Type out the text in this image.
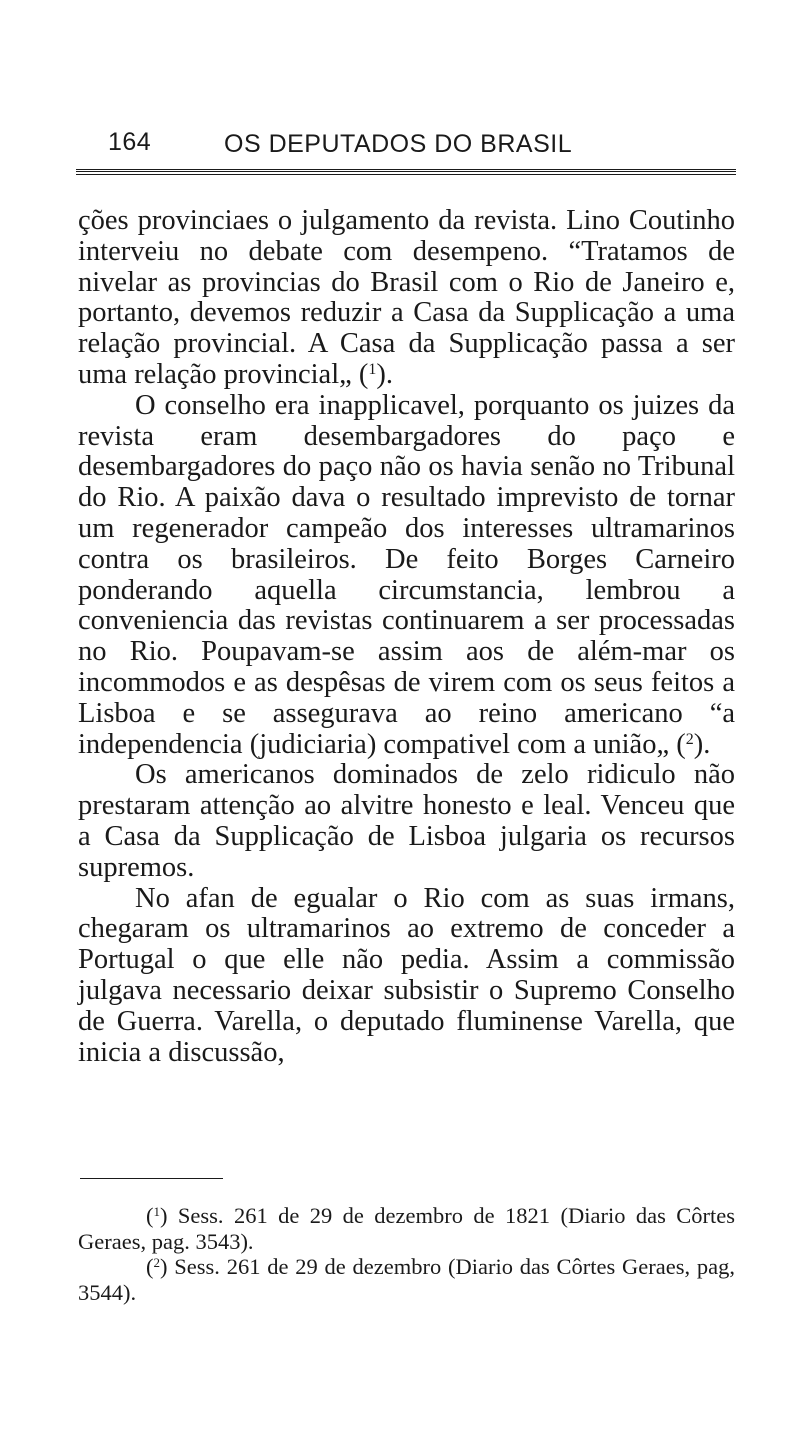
164	OS DEPUTADOS DO BRASIL

ções provinciaes o julgamento da revista. Lino Coutinho interveiu no debate com desempeno. “Tratamos de nivelar as provincias do Brasil com o Rio de Janeiro e, portanto, devemos reduzir a Casa da Supplicação a uma relação provincial. A Casa da Supplicação passa a ser uma relação provincial„ ($^1$).

O conselho era inapplicavel, porquanto os juizes da revista eram desembargadores do paço e desembargadores do paço não os havia senão no Tribunal do Rio. A paixão dava o resultado imprevisto de tornar um regenerador campeão dos interesses ultramarinos contra os brasileiros. De feito Borges Carneiro ponderando aquella circumstancia, lembrou a conveniencia das revistas continuarem a ser processadas no Rio. Poupavam-se assim aos de além-mar os incommodos e as despêsas de virem com os seus feitos a Lisboa e se assegurava ao reino americano “a independencia (judiciaria) compativel com a união„ ($^2$).

Os americanos dominados de zelo ridiculo não prestaram attenção ao alvitre honesto e leal. Venceu que a Casa da Supplicação de Lisboa julgaria os recursos supremos.

No afan de egualar o Rio com as suas irmans, chegaram os ultramarinos ao extremo de conceder a Portugal o que elle não pedia. Assim a commissão julgava necessario deixar subsistir o Supremo Conselho de Guerra. Varella, o deputado fluminense Varella, que inicia a discussão,

($^1$) Sess. 261 de 29 de dezembro de 1821 (Diario das Côrtes Geraes, pag. 3543).

($^2$) Sess. 261 de 29 de dezembro (Diario das Côrtes Geraes, pag, 3544).
